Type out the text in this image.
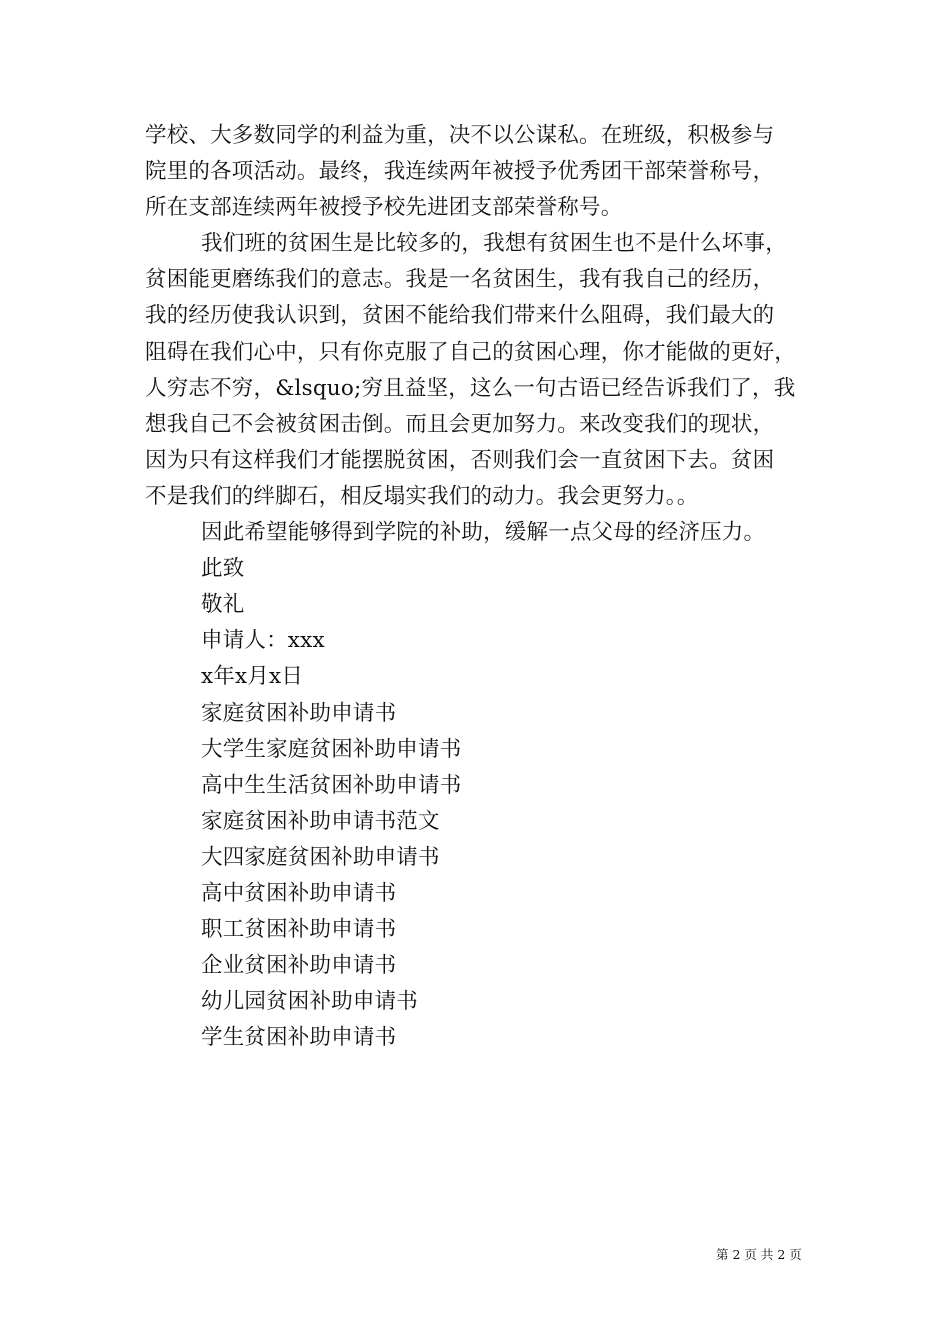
学校、大多数同学的利益为重，决不以公谋私。在班级，积极参与
院里的各项活动。最终，我连续两年被授予优秀团干部荣誉称号，
所在支部连续两年被授予校先进团支部荣誉称号。
我们班的贫困生是比较多的，我想有贫困生也不是什么坏事，
贫困能更磨练我们的意志。我是一名贫困生，我有我自己的经历，
我的经历使我认识到，贫困不能给我们带来什么阻碍，我们最大的
阻碍在我们心中，只有你克服了自己的贫困心理，你才能做的更好，
人穷志不穷，&lsquo;穷且益坚，这么一句古语已经告诉我们了，我
想我自己不会被贫困击倒。而且会更加努力。来改变我们的现状，
因为只有这样我们才能摆脱贫困，否则我们会一直贫困下去。贫困
不是我们的绊脚石，相反塌实我们的动力。我会更努力。。
因此希望能够得到学院的补助，缓解一点父母的经济压力。
此致
敬礼
申请人：xxx
x年x月x日
家庭贫困补助申请书
大学生家庭贫困补助申请书
高中生生活贫困补助申请书
家庭贫困补助申请书范文
大四家庭贫困补助申请书
高中贫困补助申请书
职工贫困补助申请书
企业贫困补助申请书
幼儿园贫困补助申请书
学生贫困补助申请书
第 2 页 共 2 页
